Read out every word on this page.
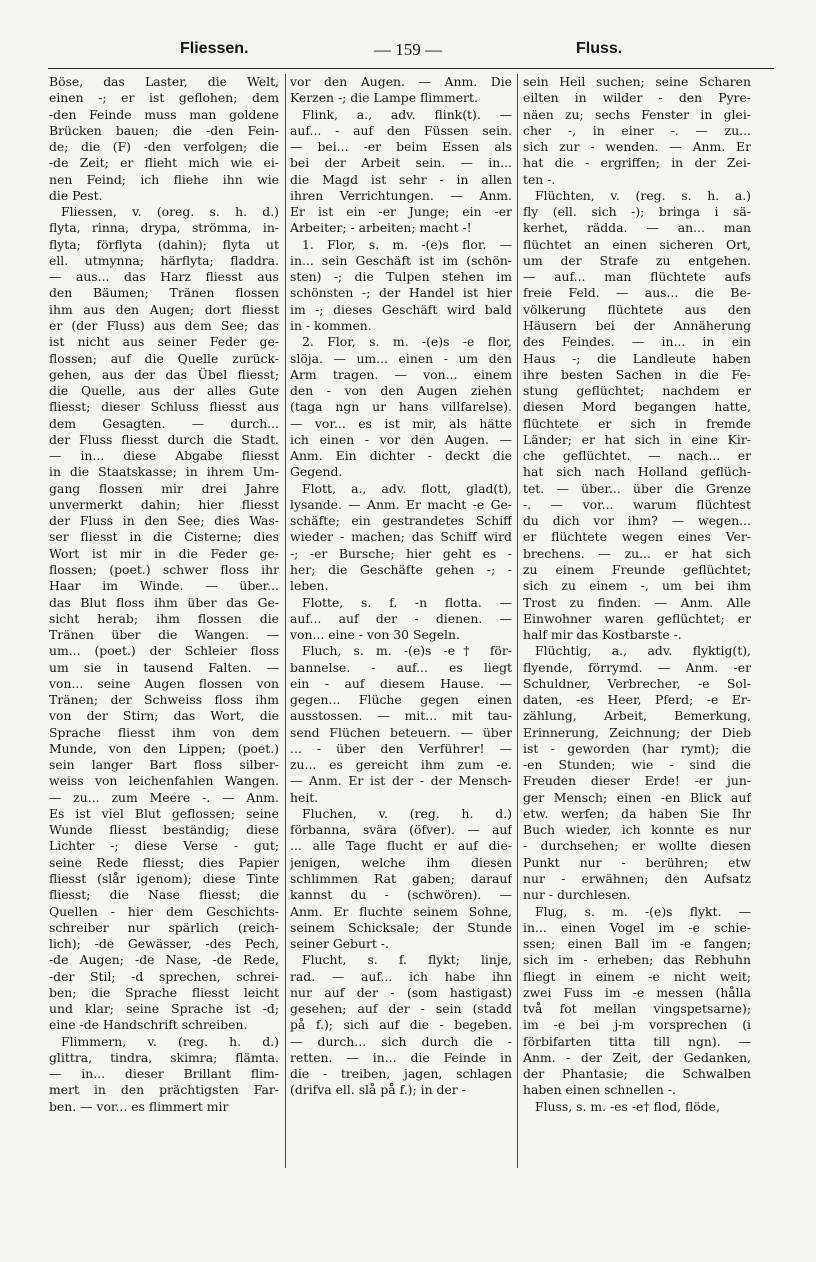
Fliessen.	— 159 —	Fluss.
Böse, das Laster, die Welt,
einen -; er ist geflohen; dem
-den Feinde muss man goldene
Brücken bauen; die -den Fein-
de; die (F) -den verfolgen; die
-de Zeit; er flieht mich wie ei-
nen Feind; ich fliehe ihn wie
die Pest.
Fliessen, v. (oreg. s. h. d.)
flyta, rinna, drypa, strömma, in-
flyta; förflyta (dahin); flyta ut
ell. utmynna; härflyta; fladdra.
— aus... das Harz fliesst aus
den Bäumen; Tränen flossen
ihm aus den Augen; dort fliesst
er (der Fluss) aus dem See; das
ist nicht aus seiner Feder ge-
flossen; auf die Quelle zurück-
gehen, aus der das Übel fliesst;
die Quelle, aus der alles Gute
fliesst; dieser Schluss fliesst aus
dem Gesagten. — durch...
der Fluss fliesst durch die Stadt.
— in... diese Abgabe fliesst
in die Staatskasse; in ihrem Um-
gang flossen mir drei Jahre
unvermerkt dahin; hier fliesst
der Fluss in den See; dies Was-
ser fliesst in die Cisterne; dies
Wort ist mir in die Feder ge-
flossen; (poet.) schwer floss ihr
Haar im Winde. — über...
das Blut floss ihm über das Ge-
sicht herab; ihm flossen die
Tränen über die Wangen. —
um... (poet.) der Schleier floss
um sie in tausend Falten. —
von... seine Augen flossen von
Tränen; der Schweiss floss ihm
von der Stirn; das Wort, die
Sprache fliesst ihm von dem
Munde, von den Lippen; (poet.)
sein langer Bart floss silber-
weiss von leichenfahlen Wangen.
— zu... zum Meere -. — Anm.
Es ist viel Blut geflossen; seine
Wunde fliesst beständig; diese
Lichter -; diese Verse - gut;
seine Rede fliesst; dies Papier
fliesst (slår igenom); diese Tinte
fliesst; die Nase fliesst; die
Quellen - hier dem Geschichts-
schreiber nur spärlich (reich-
lich); -de Gewässer, -des Pech,
-de Augen; -de Nase, -de Rede,
-der Stil; -d sprechen, schrei-
ben; die Sprache fliesst leicht
und klar; seine Sprache ist -d;
eine -de Handschrift schreiben.
Flimmern, v. (reg. h. d.)
glittra, tindra, skimra; flämta.
— in... dieser Brillant flim-
mert in den prächtigsten Far-
ben. — vor... es flimmert mir
vor den Augen. — Anm. Die
Kerzen -; die Lampe flimmert.
Flink, a., adv. flink(t). —
auf... - auf den Füssen sein.
— bei... -er beim Essen als
bei der Arbeit sein. — in...
die Magd ist sehr - in allen
ihren Verrichtungen. — Anm.
Er ist ein -er Junge; ein -er
Arbeiter; - arbeiten; macht -!
1. Flor, s. m. -(e)s flor. —
in... sein Geschäft ist im (schön-
sten) -; die Tulpen stehen im
schönsten -; der Handel ist hier
im -; dieses Geschäft wird bald
in - kommen.
2. Flor, s. m. -(e)s -e flor,
slöja. — um... einen - um den
Arm tragen. — von... einem
den - von den Augen ziehen
(taga ngn ur hans villfarelse).
— vor... es ist mir, als hätte
ich einen - vor den Augen. —
Anm. Ein dichter - deckt die
Gegend.
Flott, a., adv. flott, glad(t),
lysande. — Anm. Er macht -e Ge-
schäfte; ein gestrandetes Schiff
wieder - machen; das Schiff wird
-; -er Bursche; hier geht es -
her; die Geschäfte gehen -; -
leben.
Flotte, s. f. -n flotta. —
auf... auf der - dienen. —
von... eine - von 30 Segeln.
Fluch, s. m. -(e)s -e† för-
bannelse. - auf... es liegt
ein - auf diesem Hause. —
gegen... Flüche gegen einen
ausstossen. — mit... mit tau-
send Flüchen beteuern. — über
... - über den Verführer! —
zu... es gereicht ihm zum -e.
— Anm. Er ist der - der Mensch-
heit.
Fluchen, v. (reg. h. d.)
förbanna, svära (öfver). — auf
... alle Tage flucht er auf die-
jenigen, welche ihm diesen
schlimmen Rat gaben; darauf
kannst du - (schwören). —
Anm. Er fluchte seinem Sohne,
seinem Schicksale; der Stunde
seiner Geburt -.
Flucht, s. f. flykt; linje,
rad. — auf... ich habe ihn
nur auf der - (som hastigast)
gesehen; auf der - sein (stadd
på f.); sich auf die - begeben.
— durch... sich durch die -
retten. — in... die Feinde in
die - treiben, jagen, schlagen
(drifva ell. slå på f.); in der -
sein Heil suchen; seine Scharen
eilten in wilder - den Pyre-
näen zu; sechs Fenster in glei-
cher -, in einer -. — zu...
sich zur - wenden. — Anm. Er
hat die - ergriffen; in der Zei-
ten -.
Flüchten, v. (reg. s. h. a.)
fly (ell. sich -); bringa i sä-
kerhet, rädda. — an... man
flüchtet an einen sicheren Ort,
um der Strafe zu entgehen.
— auf... man flüchtete aufs
freie Feld. — aus... die Be-
völkerung flüchtete aus den
Häusern bei der Annäherung
des Feindes. — in... in ein
Haus -; die Landleute haben
ihre besten Sachen in die Fe-
stung geflüchtet; nachdem er
diesen Mord begangen hatte,
flüchtete er sich in fremde
Länder; er hat sich in eine Kir-
che geflüchtet. — nach... er
hat sich nach Holland geflüch-
tet. — über... über die Grenze
-. — vor... warum flüchtest
du dich vor ihm? — wegen...
er flüchtete wegen eines Ver-
brechens. — zu... er hat sich
zu einem Freunde geflüchtet;
sich zu einem -, um bei ihm
Trost zu finden. — Anm. Alle
Einwohner waren geflüchtet; er
half mir das Kostbarste -.
Flüchtig, a., adv. flyktig(t),
flyende, förrymd. — Anm. -er
Schuldner, Verbrecher, -e Sol-
daten, -es Heer, Pferd; -e Er-
zählung, Arbeit, Bemerkung,
Erinnerung, Zeichnung; der Dieb
ist - geworden (har rymt); die
-en Stunden; wie - sind die
Freuden dieser Erde! -er jun-
ger Mensch; einen -en Blick auf
etw. werfen; da haben Sie Ihr
Buch wieder, ich konnte es nur
- durchsehen; er wollte diesen
Punkt nur - berühren; etw
nur - erwähnen; den Aufsatz
nur - durchlesen.
Flug, s. m. -(e)s flykt. —
in... einen Vogel im -e schie-
ssen; einen Ball im -e fangen;
sich im - erheben; das Rebhuhn
fliegt in einem -e nicht weit;
zwei Fuss im -e messen (hålla
två fot mellan vingspetsarne);
im -e bei j-m vorsprechen (i
förbifarten titta till ngn). —
Anm. - der Zeit, der Gedanken,
der Phantasie; die Schwalben
haben einen schnellen -.
Fluss, s. m. -es -e† flod, flöde,
